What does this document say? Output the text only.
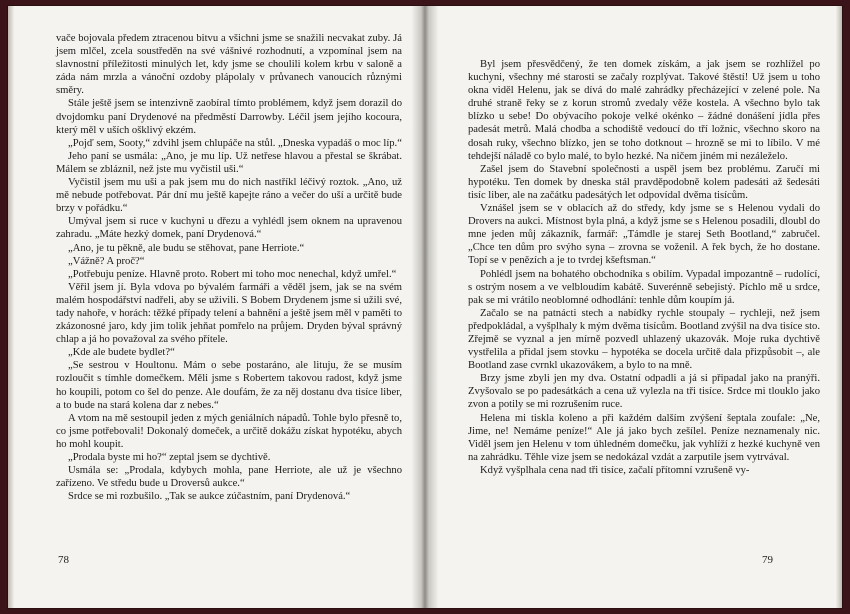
vače bojovala předem ztracenou bitvu a všichni jsme se snažili necvakat zuby. Já jsem mlčel, zcela soustředěn na své vášnivé rozhodnutí, a vzpomínal jsem na slavnostní příležitosti minulých let, kdy jsme se choulili kolem krbu v saloně a záda nám mrzla a vánoční ozdoby plápolaly v průvanech vanoucích různými směry.

Stále ještě jsem se intenzivně zaobíral tímto problémem, když jsem dorazil do dvojdomku paní Drydenové na předměstí Darrowby. Léčil jsem jejího kocoura, který měl v uších ošklivý ekzém.

„Pojď sem, Sooty,“ zdvihl jsem chlupáče na stůl. „Dneska vypadáš o moc líp.“

Jeho paní se usmála: „Ano, je mu líp. Už netřese hlavou a přestal se škrábat. Málem se zbláznil, než jste mu vyčistil uši.“

Vyčistil jsem mu uši a pak jsem mu do nich nastříkl léčivý roztok. „Ano, už mě nebude potřebovat. Pár dní mu ještě kapejte ráno a večer do uší a určitě bude brzy v pořádku.“

Umýval jsem si ruce v kuchyni u dřezu a vyhlédl jsem oknem na upravenou zahradu. „Máte hezký domek, paní Drydenová.“

„Ano, je tu pěkně, ale budu se stěhovat, pane Herriote.“

„Vážně? A proč?“

„Potřebuju peníze. Hlavně proto. Robert mi toho moc nenechal, když umřel.“

Věřil jsem jí. Byla vdova po bývalém farmáři a věděl jsem, jak se na svém malém hospodářství nadřeli, aby se uživili. S Bobem Drydenem jsme si užili své, tady nahoře, v horách: těžké případy telení a bahnění a ještě jsem měl v paměti to zkázonosné jaro, kdy jim tolik jehňat pomřelo na průjem. Dryden býval správný chlap a já ho považoval za svého přítele.

„Kde ale budete bydlet?“

„Se sestrou v Houltonu. Mám o sebe postaráno, ale lituju, že se musím rozloučit s tímhle domečkem. Měli jsme s Robertem takovou radost, když jsme ho koupili, potom co šel do penze. Ale doufám, že za něj dostanu dva tisíce liber, a to bude na stará kolena dar z nebes.“

A vtom na mě sestoupil jeden z mých geniálních nápadů. Tohle bylo přesně to, co jsme potřebovali! Dokonalý domeček, a určitě dokážu získat hypotéku, abych ho mohl koupit.

„Prodala byste mi ho?“ zeptal jsem se dychtivě.

Usmála se: „Prodala, kdybych mohla, pane Herriote, ale už je všechno zařízeno. Ve středu bude u Droversů aukce.“

Srdce se mi rozbušilo. „Tak se aukce zúčastním, paní Drydenová.“

78

Byl jsem přesvědčený, že ten domek získám, a jak jsem se rozhlížel po kuchyni, všechny mé starosti se začaly rozplývat. Takové štěstí! Už jsem u toho okna viděl Helenu, jak se dívá do malé zahrádky přecházející v zelené pole. Na druhé straně řeky se z korun stromů zvedaly věže kostela. A všechno bylo tak blízko u sebe! Do obývacího pokoje velké okénko – žádné donášení jídla přes padesát metrů. Malá chodba a schodiště vedoucí do tří ložnic, všechno skoro na dosah ruky, všechno blízko, jen se toho dotknout – hrozně se mi to líbilo. V mé tehdejší náladě co bylo malé, to bylo hezké. Na ničem jiném mi nezáleželo.

Zašel jsem do Stavební společnosti a uspěl jsem bez problému. Zaručí mi hypotéku. Ten domek by dneska stál pravděpodobně kolem padesáti až šedesáti tisíc liber, ale na začátku padesátých let odpovídal dvěma tisícům.

Vznášel jsem se v oblacích až do středy, kdy jsme se s Helenou vydali do Drovers na aukci. Místnost byla plná, a když jsme se s Helenou posadili, dloubl do mne jeden můj zákazník, farmář: „Támdle je starej Seth Bootland,“ zabručel. „Chce ten dům pro svýho syna – zrovna se voženil. A řek bych, že ho dostane. Topí se v penězích a je to tvrdej kšeftsman.“

Pohlédl jsem na bohatého obchodníka s obilím. Vypadal impozantně – rudolící, s ostrým nosem a ve velbloudím kabátě. Suverénně sebejistý. Píchlo mě u srdce, pak se mi vrátilo neoblomné odhodlání: tenhle dům koupím já.

Začalo se na patnácti stech a nabídky rychle stoupaly – rychleji, než jsem předpokládal, a vyšplhaly k mým dvěma tisícům. Bootland zvýšil na dva tisíce sto. Zřejmě se vyznal a jen mírně pozvedl uhlazený ukazovák. Moje ruka dychtivě vystřelila a přidal jsem stovku – hypotéka se docela určitě dala přizpůsobit –, ale Bootland zase cvrnkl ukazovákem, a bylo to na mně.

Brzy jsme zbyli jen my dva. Ostatní odpadli a já si připadal jako na pranýři. Zvyšovalo se po padesátkách a cena už vylezla na tři tisíce. Srdce mi tlouklo jako zvon a potily se mi rozrušením ruce.

Helena mi tiskla koleno a při každém dalším zvýšení šeptala zoufale: „Ne, Jime, ne! Nemáme peníze!“ Ale já jako bych zešílel. Peníze neznamenaly nic. Viděl jsem jen Helenu v tom úhledném domečku, jak vyhlíží z hezké kuchyně ven na zahrádku. Těhle vize jsem se nedokázal vzdát a zarputile jsem vytrvával.

Když vyšplhala cena nad tři tisíce, začalí přítomní vzrušeně vy-

79
